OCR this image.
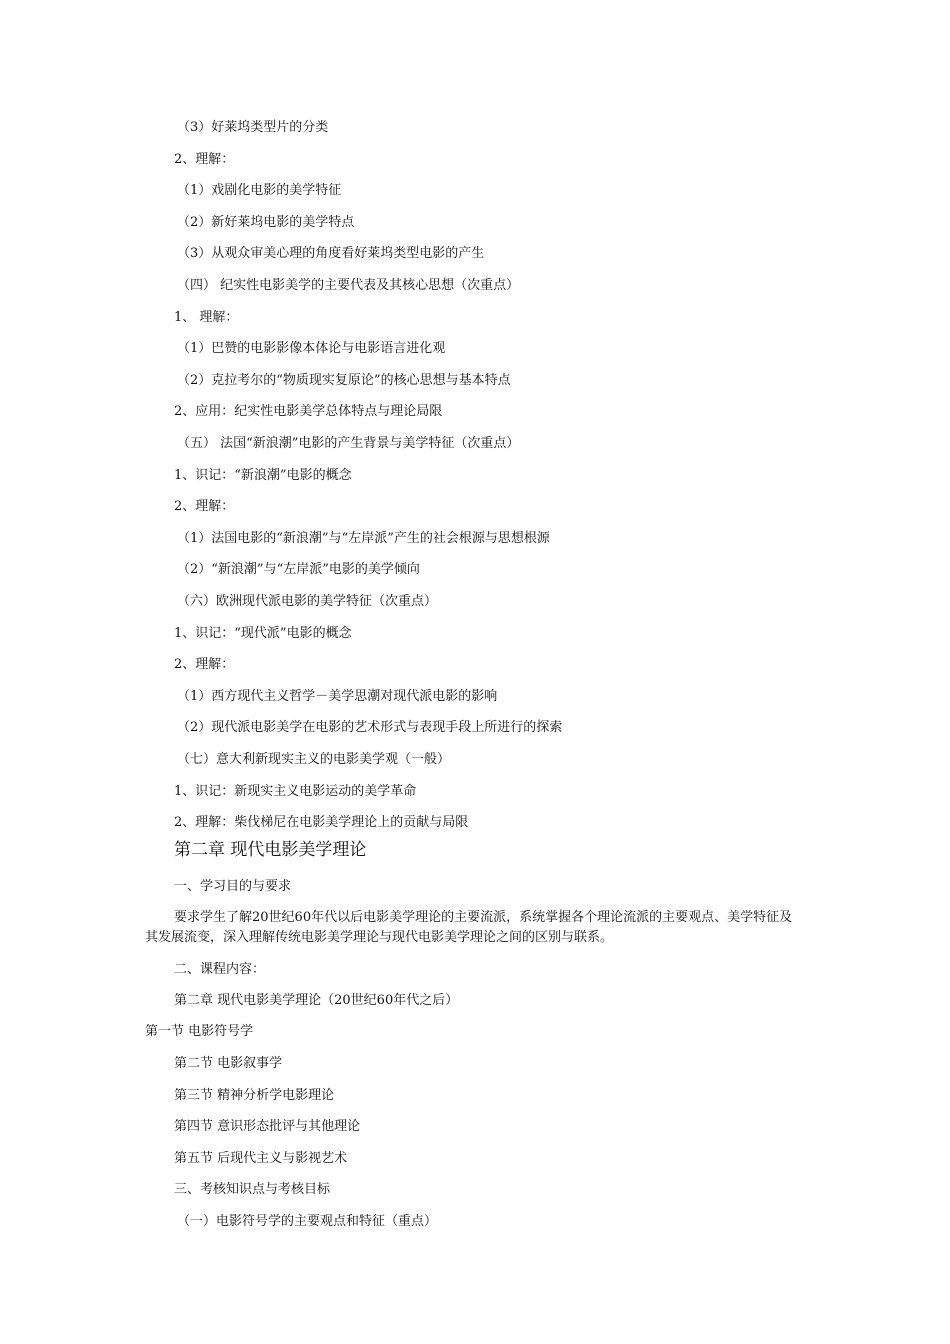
（3）好莱坞类型片的分类
2、理解：
（1）戏剧化电影的美学特征
（2）新好莱坞电影的美学特点
（3）从观众审美心理的角度看好莱坞类型电影的产生
（四） 纪实性电影美学的主要代表及其核心思想（次重点）
1、 理解：
（1）巴赞的电影影像本体论与电影语言进化观
（2）克拉考尔的“物质现实复原论”的核心思想与基本特点
2、应用：纪实性电影美学总体特点与理论局限
（五） 法国“新浪潮”电影的产生背景与美学特征（次重点）
1、识记：“新浪潮”电影的概念
2、理解：
（1）法国电影的“新浪潮”与“左岸派”产生的社会根源与思想根源
（2）“新浪潮”与“左岸派”电影的美学倾向
（六）欧洲现代派电影的美学特征（次重点）
1、识记：“现代派”电影的概念
2、理解：
（1）西方现代主义哲学－美学思潮对现代派电影的影响
（2）现代派电影美学在电影的艺术形式与表现手段上所进行的探索
（七）意大利新现实主义的电影美学观（一般）
1、识记：新现实主义电影运动的美学革命
2、理解：柴伐梯尼在电影美学理论上的贡献与局限
第二章 现代电影美学理论
一、学习目的与要求
要求学生了解20世纪60年代以后电影美学理论的主要流派，系统掌握各个理论流派的主要观点、美学特征及其发展流变，深入理解传统电影美学理论与现代电影美学理论之间的区别与联系。
二、课程内容：
第二章 现代电影美学理论（20世纪60年代之后）
第一节 电影符号学
第二节 电影叙事学
第三节 精神分析学电影理论
第四节 意识形态批评与其他理论
第五节 后现代主义与影视艺术
三、考核知识点与考核目标
（一）电影符号学的主要观点和特征（重点）
